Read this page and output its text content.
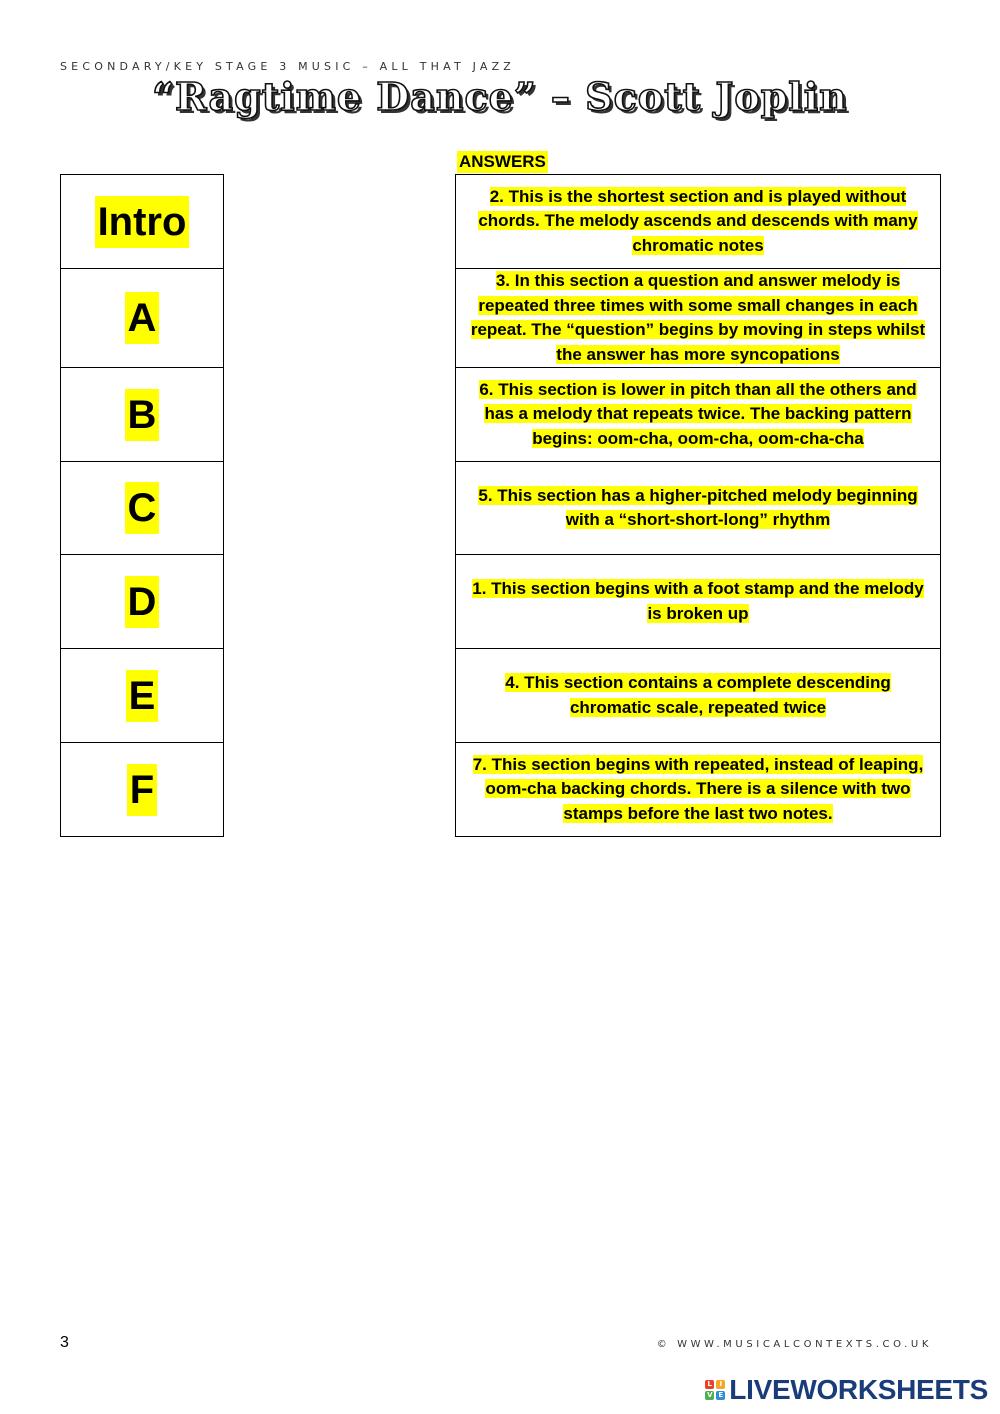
SECONDARY/KEY STAGE 3 MUSIC – ALL THAT JAZZ
“Ragtime Dance” – Scott Joplin
ANSWERS
Intro
A
B
C
D
E
F
2. This is the shortest section and is played without chords. The melody ascends and descends with many chromatic notes
3. In this section a question and answer melody is repeated three times with some small changes in each repeat. The “question” begins by moving in steps whilst the answer has more syncopations
6. This section is lower in pitch than all the others and has a melody that repeats twice. The backing pattern begins: oom-cha, oom-cha, oom-cha-cha
5. This section has a higher-pitched melody beginning with a “short-short-long” rhythm
1. This section begins with a foot stamp and the melody is broken up
4. This section contains a complete descending chromatic scale, repeated twice
7. This section begins with repeated, instead of leaping, oom-cha backing chords. There is a silence with two stamps before the last two notes.
3	© WWW.MUSICALCONTEXTS.CO.UK
L	I
V E LIVEWORKSHEETS
